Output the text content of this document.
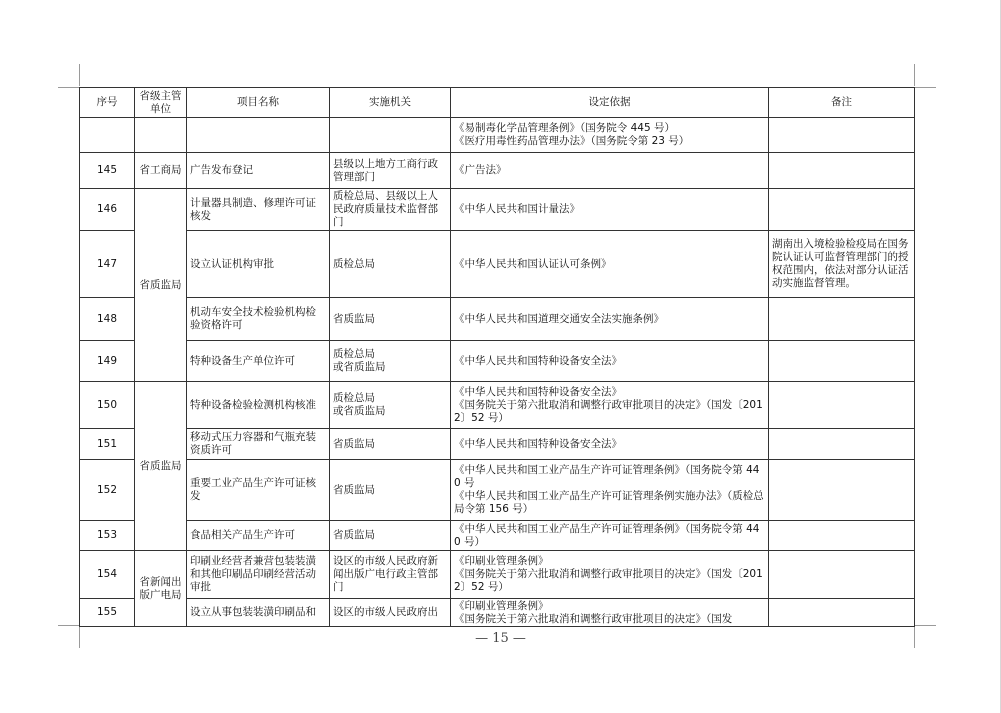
序号	省级主管单位	项目名称	实施机关	设定依据	备注

				《易制毒化学品管理条例》（国务院令 445 号）
《医疗用毒性药品管理办法》（国务院令第 23 号）	

145	省工商局	广告发布登记	县级以上地方工商行政管理部门	《广告法》	

146	省质监局	计量器具制造、修理许可证核发	质检总局、县级以上人民政府质量技术监督部门	《中华人民共和国计量法》	

147		设立认证机构审批	质检总局	《中华人民共和国认证认可条例》	湖南出入境检验检疫局在国务院认证认可监督管理部门的授权范围内，依法对部分认证活动实施监督管理。
148		机动车安全技术检验机构检验资格许可	省质监局	《中华人民共和国道理交通安全法实施条例》	

149		特种设备生产单位许可	质检总局
或省质监局	《中华人民共和国特种设备安全法》	

150	省质监局	特种设备检验检测机构核准	质检总局
或省质监局	《中华人民共和国特种设备安全法》
《国务院关于第六批取消和调整行政审批项目的决定》（国发〔2012〕52 号）	

151		移动式压力容器和气瓶充装资质许可	省质监局	《中华人民共和国特种设备安全法》	

152		重要工业产品生产许可证核发	省质监局	《中华人民共和国工业产品生产许可证管理条例》（国务院令第 440 号
《中华人民共和国工业产品生产许可证管理条例实施办法》（质检总局令第 156 号）	

153		食品相关产品生产许可	省质监局	《中华人民共和国工业产品生产许可证管理条例》（国务院令第 440 号）	

154	省新闻出版广电局	印刷业经营者兼营包装装潢和其他印刷品印刷经营活动审批	设区的市级人民政府新闻出版广电行政主管部门	《印刷业管理条例》
《国务院关于第六批取消和调整行政审批项目的决定》（国发〔2012〕52 号）	

155		设立从事包装装潢印刷品和	设区的市级人民政府出	《印刷业管理条例》
《国务院关于第六批取消和调整行政审批项目的决定》（国发	

— 15 —
